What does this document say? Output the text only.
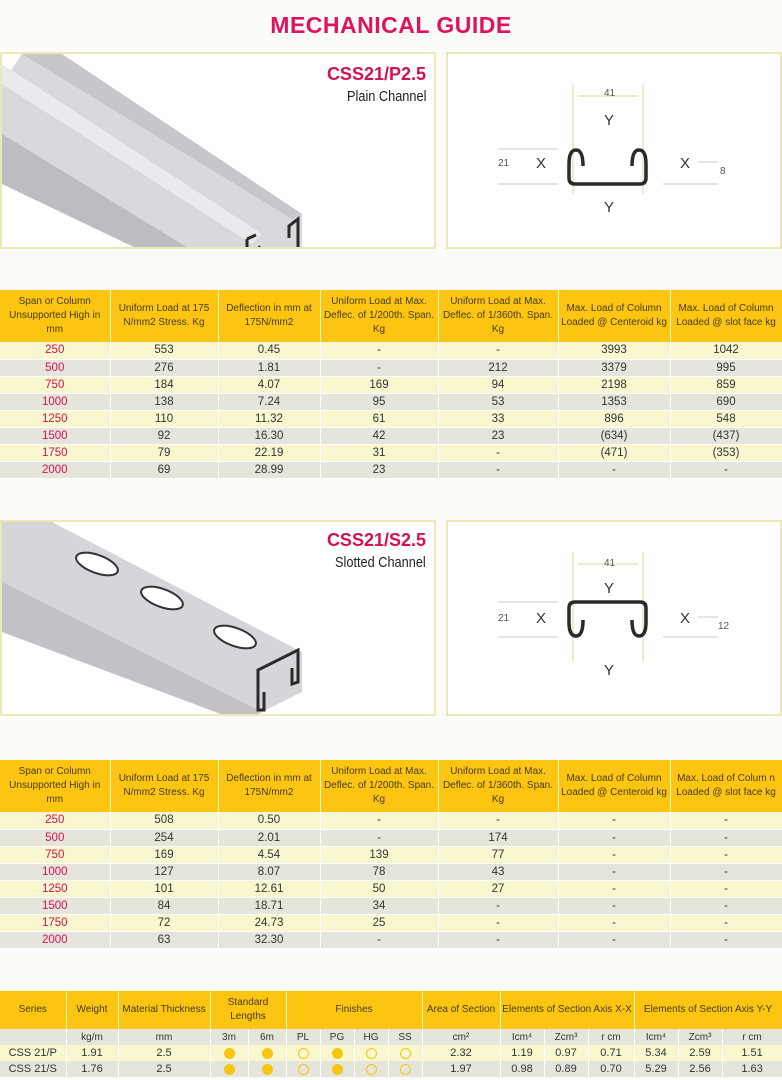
MECHANICAL GUIDE
CSS21/P2.5
Plain Channel	41
Y
21 X	X	8
Y
Span or Column Unsupported High in mm	Uniform Load at 175 N/mm2 Stress. Kg	Deflection in mm at 175N/mm2	Uniform Load at Max. Deflec. of 1/200th. Span. Kg	Uniform Load at Max. Deflec. of 1/360th. Span. Kg	Max. Load of Column Loaded @ Centeroid kg	Max. Load of Column Loaded @ slot face kg
250	553	0.45	-	-	3993	1042
500	276	1.81	-	212	3379	995
750	184	4.07	169	94	2198	859
1000	138	7.24	95	53	1353	690
1250	110	11.32	61	33	896	548
1500	92	16.30	42	23	(634)	(437)
1750	79	22.19	31	-	(471)	(353)
2000	69	28.99	23	-	-	-
CSS21/S2.5
Slotted Channel	41
Y
21 X	X	12
Y
Span or Column Unsupported High in mm	Uniform Load at 175 N/mm2 Stress. Kg	Deflection in mm at 175N/mm2	Uniform Load at Max. Deflec. of 1/200th. Span. Kg	Uniform Load at Max. Deflec. of 1/360th. Span. Kg	Max. Load of Column Loaded @ Centeroid kg	Max. Load of Colum n Loaded @ slot face kg
250	508	0.50	-	-	-	-
500	254	2.01	-	174	-	-
750	169	4.54	139	77	-	-
1000	127	8.07	78	43	-	-
1250	101	12.61	50	27	-	-
1500	84	18.71	34	-	-	-
1750	72	24.73	25	-	-	-
2000	63	32.30	-	-	-	-
Series	Weight	Material Thickness	Standard Lengths		Finishes				Area of Section	Elements of Section Axis X-X			Elements of Section Axis Y-Y		
	kg/m	mm	3m	6m	PL	PG	HG	SS	cm²	Icm⁴	Zcm³	r cm	Icm⁴	Zcm³	r cm
CSS 21/P	1.91	2.5							2.32	1.19	0.97	0.71	5.34	2.59	1.51
CSS 21/S	1.76	2.5							1.97	0.98	0.89	0.70	5.29	2.56	1.63
